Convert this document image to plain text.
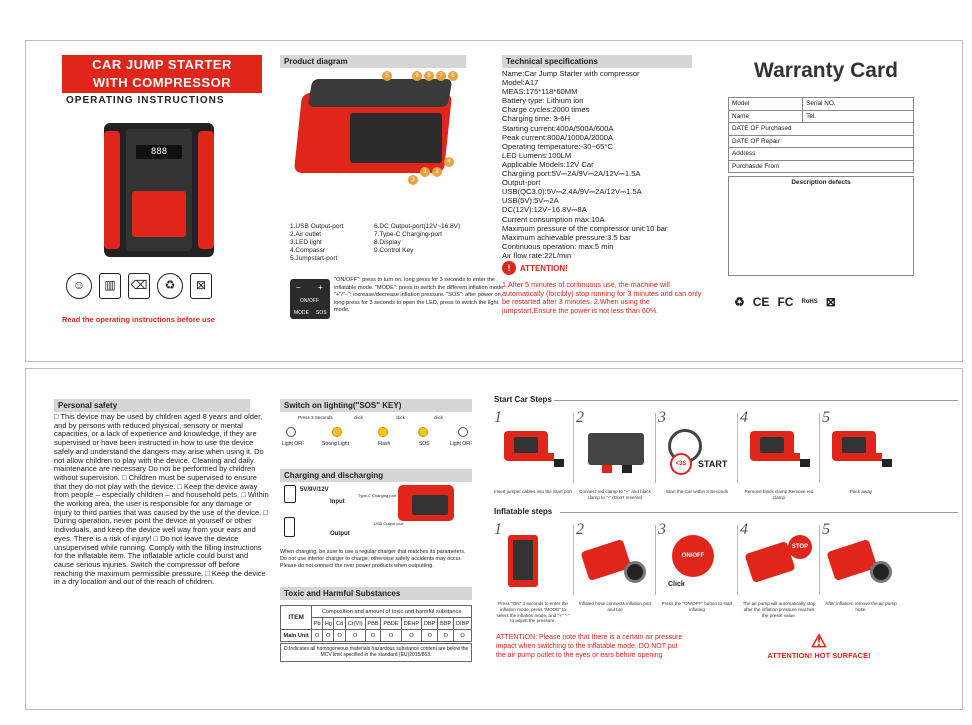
CAR JUMP STARTER
WITH COMPRESSOR
OPERATING INSTRUCTIONS
888
☺	▥	⌫	♻	⊠
Read the operating instructions before use
Product diagram
5	9	8	7	6
1	2
3
4
1.USB Output-port
2.Air outlet
3.LED light
4.Compassr
5.Jumpstart-port
6.DC Output-port(12V~16.8V)
7.Type-C Charging-port
8.Display
9.Control Key
− +
ON/OFF
MODE SOS
"ON/OFF": press to turn on, long press for 3 seconds to enter the inflatable mode. "MODE": press to switch the different inflation mode. "+"/"−": increase/decrease inflation pressure. "SOS": after power on, long press for 3 seconds to open the LED, press to switch the light mode.
Technical specifications
Name:Car Jump Starter with compressor
Model:A17
MEAS:175*118*60MM
Battery type: Lithium ion
Charge cycles:2000 times
Charging time: 3-6H
Starting current:400A/500A/600A
Peak current:800A/1000A/2000A
Operating temperature:-30~65°C
LED Lumens:100LM
Applicable Models:12V Car
Chargiing port:5V⎓2A/9V⎓2A/12V⎓1.5A
Output-port
USB(QC3.0):5V⎓2.4A/9V⎓2A/12V⎓1.5A
USB(5V):5V⎓2A
DC(12V):12V~16.8V⎓8A
Current consumption max:10A
Maximum pressure of the compressor unit:10 bar
Maximum achievable pressure:3.5 bar
Continuous operation: max.5 min
Air flow rate:22L/min
!	ATTENTION!
1.After 5 minutes of continuous use, the machine will automatically (forcibly) stop running for 3 minutes and can only be restarted after 3 minutes. 2.When using the jumpstart,Ensure the power is not less than 60%.
Warranty Card
Model	Serial NO.
Name	Tel.
DATE OF Purchased	
DATE OF Repair	
Address	
Purchasde From	
Description defects
♻ CE FC RoHS ⊠
Personal safety
□ This device may be used by children aged 8 years and older, and by persons with reduced physical, sensory or mental capacities, or a lack of experience and knowledge, if they are supervised or have been instructed in how to use the device safely and understand the dangers may arise when using it. Do not allow children to play with the device. Cleaning and daily maintenance are necessary Do not be performed by children without supervision. □ Children must be supervised to ensure that they do not play with the device. □ Keep the device away from people – especially children – and household pets. □ Within the working area, the user is responsible for any damage or injury to third parties that was caused by the use of the device. □ During operation, never point the device at yourself or other individuals, and keep the device well way from your ears and eyes. There is a risk of injury! □ Do not leave the device unsupervised while running. Comply with the filling instructions for the inflatable item. The inflatable article could burst and cause serious injuries. Switch the compressor off before reaching the maximum permissible pressure. □ Keep the device in a dry location and out of the reach of children.
Switch on lighting("SOS" KEY)
Press 3 Seconds	click	click	click
Light OFF	Strong Light	Flash	SOS	Light OFF
Charging and discharging
5V/9V/12V
Input
Type-C Charging port
Output
USB Output port
When charging, be sure to use a regular charger that matches its parameters. Do not use inferior charger to charge, otherwise safety accidents may occur. Please do not connect the over power products when outputting.
Toxic and Harmful Substances
ITEM	Composition and amount of toxic and harmful substance									
	Pb	Hg	Cd	Cr(VI)	PBB	PBDE	DEHP	DBP	BBP	DIBP
Main Unit	O	O	O	O	O	O	O	O	O	O
O:Indicates all homogeneous materials hazardous substance content are below the MCV limit specified in the standard (EU)2015/863.
Start Car Steps
1
Insert jumper cables into the Start port
2
Connect red clamp to "+" and black clamp to "-" (Don't reverse)
3
<3S	START
Start the Car within 3 Seconds
4
Remove black clamp Remove red clamp
5
Pack away
Inflatable steps
1
Press "ON" 3 seconds to enter the inflation mode, press "MODE" to select the inflation mode, and "+" "-" to adjust the pressure.
2
Inflated hose connects inflation port and tire
3
ON/OFF
Click
Press the "ON/OFF" button to start inflating
4
STOP
The air pump will automatically stop after the inflation pressure reaches the preset value.
5
After inflation, remove the air pump hose.
ATTENTION: Please note that there is a certain air pressure impact when switching to the inflatable mode, DO NOT put the air pump outlet to the eyes or ears before opening
⚠
ATTENTION! HOT SURFACE!
